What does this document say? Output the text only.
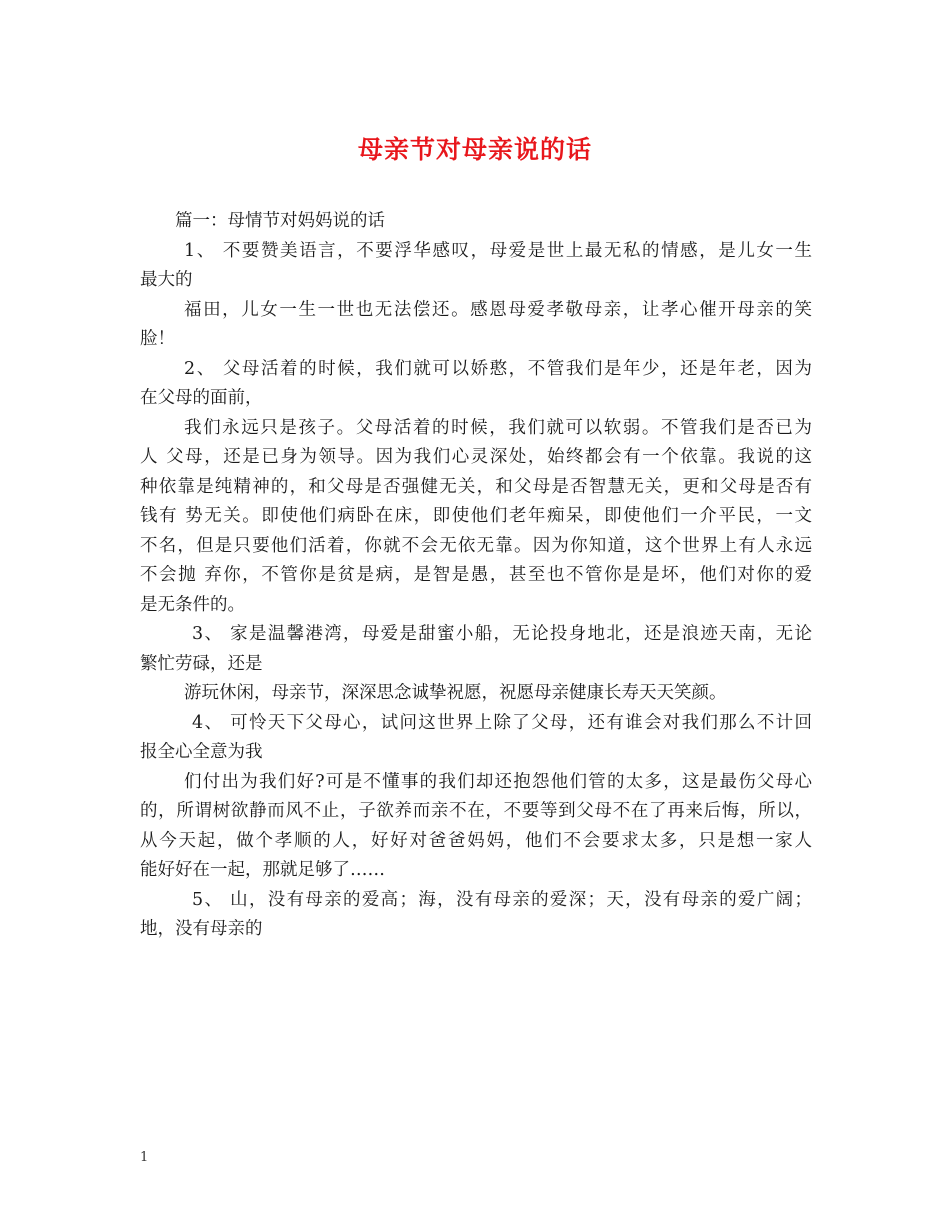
母亲节对母亲说的话
篇一：母情节对妈妈说的话
1、 不要赞美语言，不要浮华感叹，母爱是世上最无私的情感，是儿女一生
最大的
福田，儿女一生一世也无法偿还。感恩母爱孝敬母亲，让孝心催开母亲的笑
脸！
2、 父母活着的时候，我们就可以娇憨，不管我们是年少，还是年老，因为
在父母的面前，
我们永远只是孩子。父母活着的时候，我们就可以软弱。不管我们是否已为
人 父母，还是已身为领导。因为我们心灵深处，始终都会有一个依靠。我说的这
种依靠是纯精神的，和父母是否强健无关，和父母是否智慧无关，更和父母是否有
钱有 势无关。即使他们病卧在床，即使他们老年痴呆，即使他们一介平民，一文
不名，但是只要他们活着，你就不会无依无靠。因为你知道，这个世界上有人永远
不会抛 弃你，不管你是贫是病，是智是愚，甚至也不管你是是坏，他们对你的爱
是无条件的。
3、 家是温馨港湾，母爱是甜蜜小船，无论投身地北，还是浪迹天南，无论
繁忙劳碌，还是
游玩休闲，母亲节，深深思念诚挚祝愿，祝愿母亲健康长寿天天笑颜。
4、 可怜天下父母心，试问这世界上除了父母，还有谁会对我们那么不计回
报全心全意为我
们付出为我们好?可是不懂事的我们却还抱怨他们管的太多，这是最伤父母心
的，所谓树欲静而风不止，子欲养而亲不在，不要等到父母不在了再来后悔，所以，
从今天起，做个孝顺的人，好好对爸爸妈妈，他们不会要求太多，只是想一家人
能好好在一起，那就足够了……
5、 山，没有母亲的爱高；海，没有母亲的爱深；天，没有母亲的爱广阔；
地，没有母亲的
1
